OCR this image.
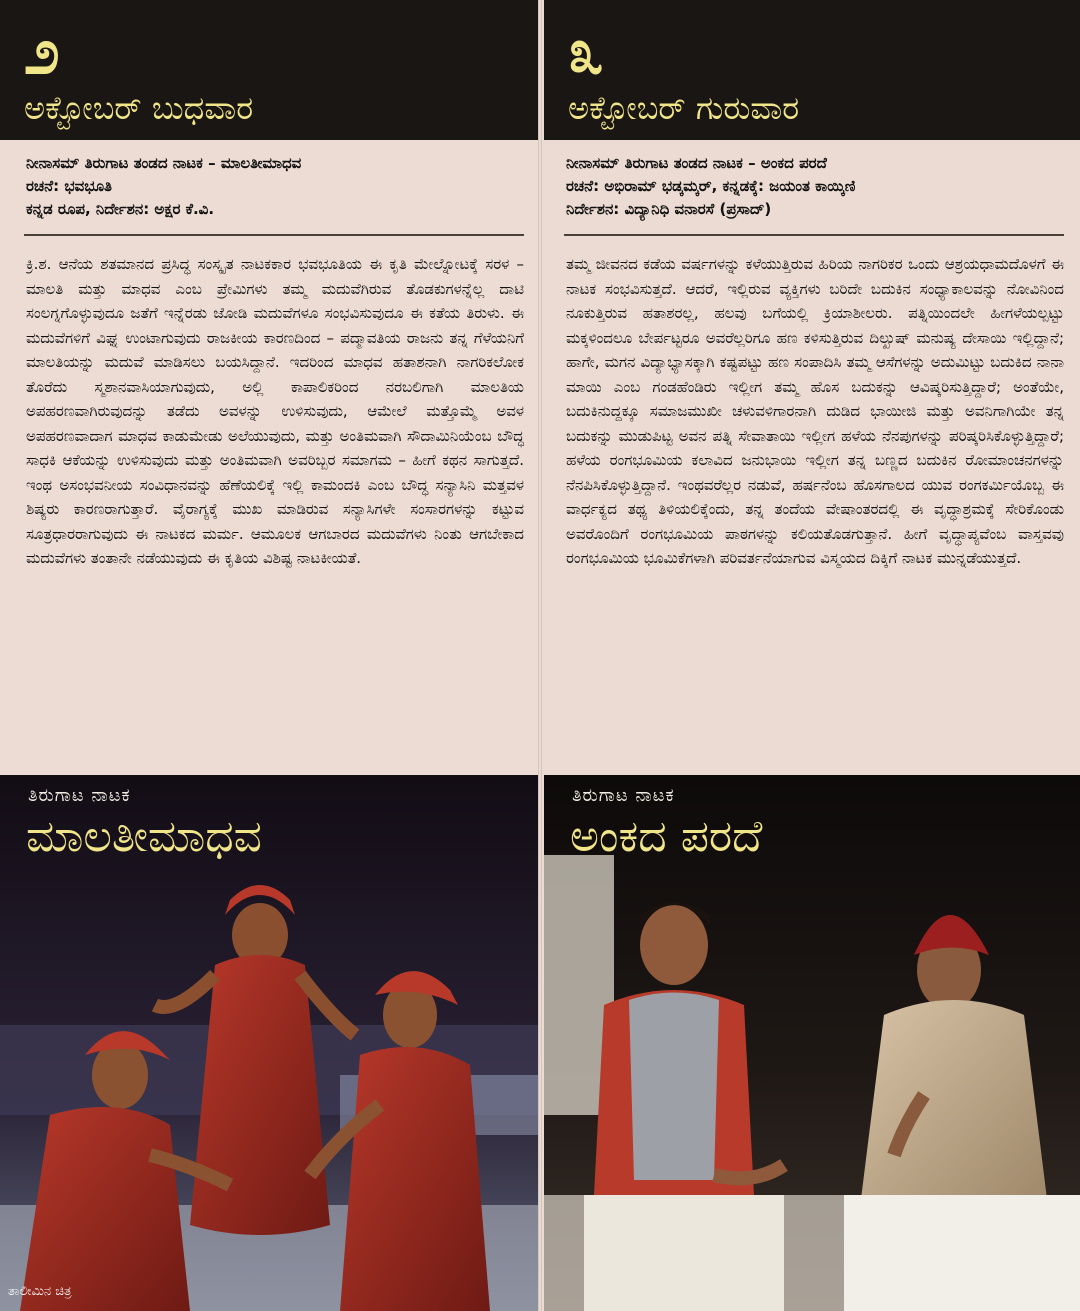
೨
ಅಕ್ಟೋಬರ್ ಬುಧವಾರ
ನೀನಾಸಮ್ ತಿರುಗಾಟ ತಂಡದ ನಾಟಕ – ಮಾಲತೀಮಾಧವ
ರಚನೆ: ಭವಭೂತಿ
ಕನ್ನಡ ರೂಪ, ನಿರ್ದೇಶನ: ಅಕ್ಷರ ಕೆ.ವಿ.
ಕ್ರಿ.ಶ. ಆನೆಯ ಶತಮಾನದ ಪ್ರಸಿದ್ಧ ಸಂಸ್ಕೃತ ನಾಟಕಕಾರ ಭವಭೂತಿಯ ಈ ಕೃತಿ ಮೇಲ್ನೋಟಕ್ಕೆ ಸರಳ – ಮಾಲತಿ ಮತ್ತು ಮಾಧವ ಎಂಬ ಪ್ರೇಮಿಗಳು ತಮ್ಮ ಮದುವೆಗಿರುವ ತೊಡಕುಗಳನ್ನೆಲ್ಲ ದಾಟಿ ಸಂಲಗ್ನಗೊಳ್ಳುವುದೂ ಜತೆಗೆ ಇನ್ನೆರಡು ಜೋಡಿ ಮದುವೆಗಳೂ ಸಂಭವಿಸುವುದೂ ಈ ಕತೆಯ ತಿರುಳು. ಈ ಮದುವೆಗಳಿಗೆ ವಿಘ್ನ ಉಂಟಾಗುವುದು ರಾಜಕೀಯ ಕಾರಣದಿಂದ – ಪದ್ಮಾವತಿಯ ರಾಜನು ತನ್ನ ಗೆಳೆಯನಿಗೆ ಮಾಲತಿಯನ್ನು ಮದುವೆ ಮಾಡಿಸಲು ಬಯಸಿದ್ದಾನೆ. ಇದರಿಂದ ಮಾಧವ ಹತಾಶನಾಗಿ ನಾಗರಿಕಲೋಕ ತೊರೆದು ಸ್ಮಶಾನವಾಸಿಯಾಗುವುದು, ಅಲ್ಲಿ ಕಾಪಾಲಿಕರಿಂದ ನರಬಲಿಗಾಗಿ ಮಾಲತಿಯ ಅಪಹರಣವಾಗಿರುವುದನ್ನು ತಡೆದು ಅವಳನ್ನು ಉಳಿಸುವುದು, ಆಮೇಲೆ ಮತ್ತೊಮ್ಮೆ ಅವಳ ಅಪಹರಣವಾದಾಗ ಮಾಧವ ಕಾಡುಮೇಡು ಅಲೆಯುವುದು, ಮತ್ತು ಅಂತಿಮವಾಗಿ ಸೌದಾಮಿನಿಯೆಂಬ ಬೌದ್ಧ ಸಾಧಕಿ ಆಕೆಯನ್ನು ಉಳಿಸುವುದು ಮತ್ತು ಅಂತಿಮವಾಗಿ ಅವರಿಬ್ಬರ ಸಮಾಗಮ – ಹೀಗೆ ಕಥನ ಸಾಗುತ್ತದೆ. ಇಂಥ ಅಸಂಭವನೀಯ ಸಂವಿಧಾನವನ್ನು ಹೆಣೆಯಲಿಕ್ಕೆ ಇಲ್ಲಿ ಕಾಮಂದಕಿ ಎಂಬ ಬೌದ್ಧ ಸನ್ಯಾಸಿನಿ ಮತ್ತವಳ ಶಿಷ್ಯರು ಕಾರಣರಾಗುತ್ತಾರೆ. ವೈರಾಗ್ಯಕ್ಕೆ ಮುಖ ಮಾಡಿರುವ ಸನ್ಯಾಸಿಗಳೇ ಸಂಸಾರಗಳನ್ನು ಕಟ್ಟುವ ಸೂತ್ರಧಾರರಾಗುವುದು ಈ ನಾಟಕದ ಮರ್ಮ. ಆಮೂಲಕ ಆಗಬಾರದ ಮದುವೆಗಳು ನಿಂತು ಆಗಬೇಕಾದ ಮದುವೆಗಳು ತಂತಾನೇ ನಡೆಯುವುದು ಈ ಕೃತಿಯ ವಿಶಿಷ್ಟ ನಾಟಕೀಯತೆ.
ತಿರುಗಾಟ ನಾಟಕ
ಮಾಲತೀಮಾಧವ
ತಾಲೀಮಿನ ಚಿತ್ರ
೩
ಅಕ್ಟೋಬರ್ ಗುರುವಾರ
ನೀನಾಸಮ್ ತಿರುಗಾಟ ತಂಡದ ನಾಟಕ – ಅಂಕದ ಪರದೆ
ರಚನೆ: ಅಭಿರಾಮ್ ಭಡ್ಕಮ್ಕರ್, ಕನ್ನಡಕ್ಕೆ: ಜಯಂತ ಕಾಯ್ಕಿಣಿ
ನಿರ್ದೇಶನ: ವಿದ್ಯಾನಿಧಿ ವನಾರಸೆ (ಪ್ರಸಾದ್)
ತಮ್ಮ ಜೀವನದ ಕಡೆಯ ವರ್ಷಗಳನ್ನು ಕಳೆಯುತ್ತಿರುವ ಹಿರಿಯ ನಾಗರಿಕರ ಒಂದು ಆಶ್ರಯಧಾಮದೊಳಗೆ ಈ ನಾಟಕ ಸಂಭವಿಸುತ್ತದೆ. ಆದರೆ, ಇಲ್ಲಿರುವ ವ್ಯಕ್ತಿಗಳು ಬರಿದೇ ಬದುಕಿನ ಸಂಧ್ಯಾಕಾಲವನ್ನು ನೋವಿನಿಂದ ನೂಕುತ್ತಿರುವ ಹತಾಶರಲ್ಲ, ಹಲವು ಬಗೆಯಲ್ಲಿ ಕ್ರಿಯಾಶೀಲರು. ಪತ್ನಿಯಿಂದಲೇ ಹೀಗಳೆಯಲ್ಪಟ್ಟು ಮಕ್ಕಳಿಂದಲೂ ಬೇರ್ಪಟ್ಟರೂ ಅವರೆಲ್ಲರಿಗೂ ಹಣ ಕಳಿಸುತ್ತಿರುವ ದಿಲ್ಖುಷ್ ಮನುಷ್ಯ ದೇಸಾಯಿ ಇಲ್ಲಿದ್ದಾನೆ; ಹಾಗೇ, ಮಗನ ವಿದ್ಯಾಭ್ಯಾಸಕ್ಕಾಗಿ ಕಷ್ಟಪಟ್ಟು ಹಣ ಸಂಪಾದಿಸಿ ತಮ್ಮ ಆಸೆಗಳನ್ನು ಅದುಮಿಟ್ಟು ಬದುಕಿದ ನಾನಾ ಮಾಯಿ ಎಂಬ ಗಂಡಹೆಂಡಿರು ಇಲ್ಲೀಗ ತಮ್ಮ ಹೊಸ ಬದುಕನ್ನು ಆವಿಷ್ಕರಿಸುತ್ತಿದ್ದಾರೆ; ಅಂತೆಯೇ, ಬದುಕಿನುದ್ದಕ್ಕೂ ಸಮಾಜಮುಖೀ ಚಳುವಳಿಗಾರನಾಗಿ ದುಡಿದ ಭಾಯೀಜಿ ಮತ್ತು ಅವನಿಗಾಗಿಯೇ ತನ್ನ ಬದುಕನ್ನು ಮುಡುಪಿಟ್ಟ ಅವನ ಪತ್ನಿ ಸೇವಾತಾಯಿ ಇಲ್ಲೀಗ ಹಳೆಯ ನೆನಪುಗಳನ್ನು ಪರಿಷ್ಕರಿಸಿಕೊಳ್ಳುತ್ತಿದ್ದಾರೆ; ಹಳೆಯ ರಂಗಭೂಮಿಯ ಕಲಾವಿದ ಜನುಭಾಯಿ ಇಲ್ಲೀಗ ತನ್ನ ಬಣ್ಣದ ಬದುಕಿನ ರೋಮಾಂಚನಗಳನ್ನು ನೆನಪಿಸಿಕೊಳ್ಳುತ್ತಿದ್ದಾನೆ. ಇಂಥವರೆಲ್ಲರ ನಡುವೆ, ಹರ್ಷನೆಂಬ ಹೊಸಗಾಲದ ಯುವ ರಂಗಕರ್ಮಿಯೊಬ್ಬ ಈ ವಾರ್ಧಕ್ಯದ ತಥ್ಯ ತಿಳಿಯಲಿಕ್ಕೆಂದು, ತನ್ನ ತಂದೆಯ ವೇಷಾಂತರದಲ್ಲಿ ಈ ವೃದ್ಧಾಶ್ರಮಕ್ಕೆ ಸೇರಿಕೊಂಡು ಅವರೊಂದಿಗೆ ರಂಗಭೂಮಿಯ ಪಾಠಗಳನ್ನು ಕಲಿಯತೊಡಗುತ್ತಾನೆ. ಹೀಗೆ ವೃದ್ಧಾಪ್ಯವೆಂಬ ವಾಸ್ತವವು ರಂಗಭೂಮಿಯ ಭೂಮಿಕೆಗಳಾಗಿ ಪರಿವರ್ತನೆಯಾಗುವ ವಿಸ್ಮಯದ ದಿಕ್ಕಿಗೆ ನಾಟಕ ಮುನ್ನಡೆಯುತ್ತದೆ.
ತಿರುಗಾಟ ನಾಟಕ
ಅಂಕದ ಪರದೆ
